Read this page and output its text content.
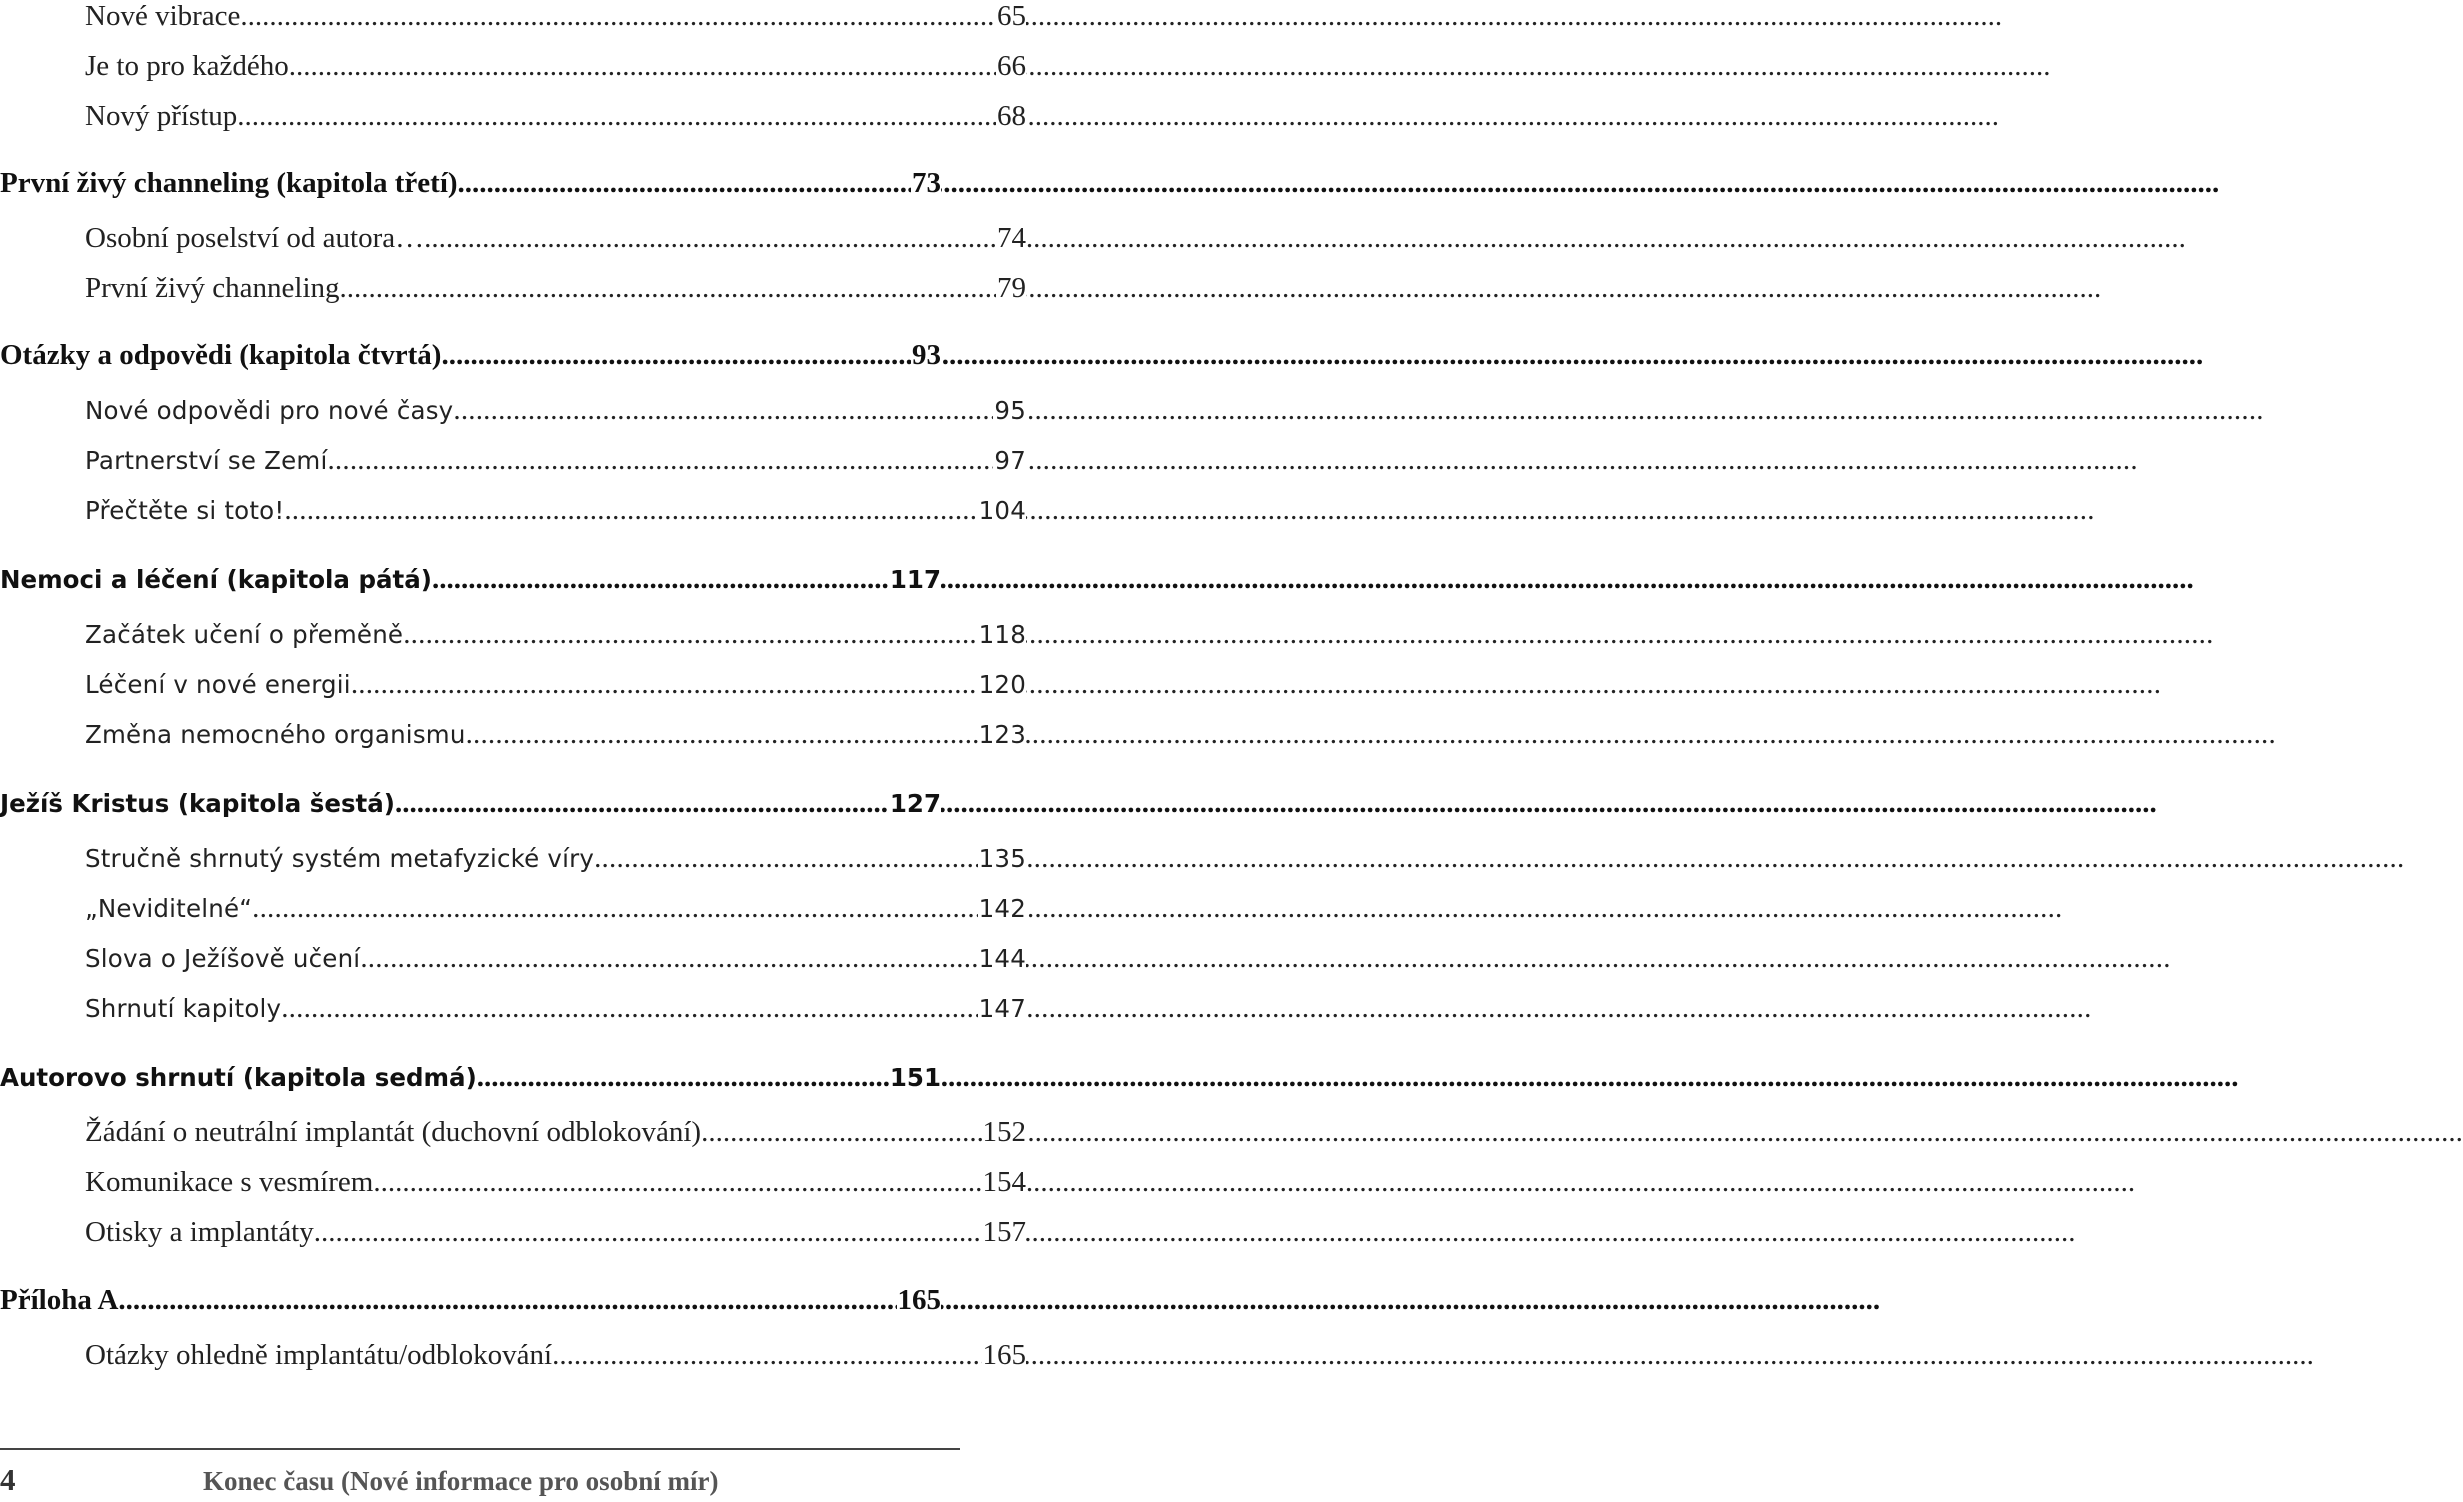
Nové vibrace .....	65
Je to pro každého .....	66
Nový přístup .....	68
První živý channeling (kapitola třetí) .....	73
Osobní poselství od autora… .....	74
První živý channeling .....	79
Otázky a odpovědi (kapitola čtvrtá) .....	93
Nové odpovědi pro nové časy .....	95
Partnerství se Zemí .....	97
Přečtěte si toto! .....	104
Nemoci a léčení (kapitola pátá) .....	117
Začátek učení o přeměně .....	118
Léčení v nové energii .....	120
Změna nemocného organismu .....	123
Ježíš Kristus (kapitola šestá) .....	127
Stručně shrnutý systém metafyzické víry .....	135
„Neviditelné“ .....	142
Slova o Ježíšově učení .....	144
Shrnutí kapitoly .....	147
Autorovo shrnutí (kapitola sedmá) .....	151
Žádání o neutrální implantát (duchovní odblokování) .....	152
Komunikace s vesmírem .....	154
Otisky a implantáty .....	157
Příloha A .....	165
Otázky ohledně implantátu/odblokování .....	165
4	Konec času (Nové informace pro osobní mír)
